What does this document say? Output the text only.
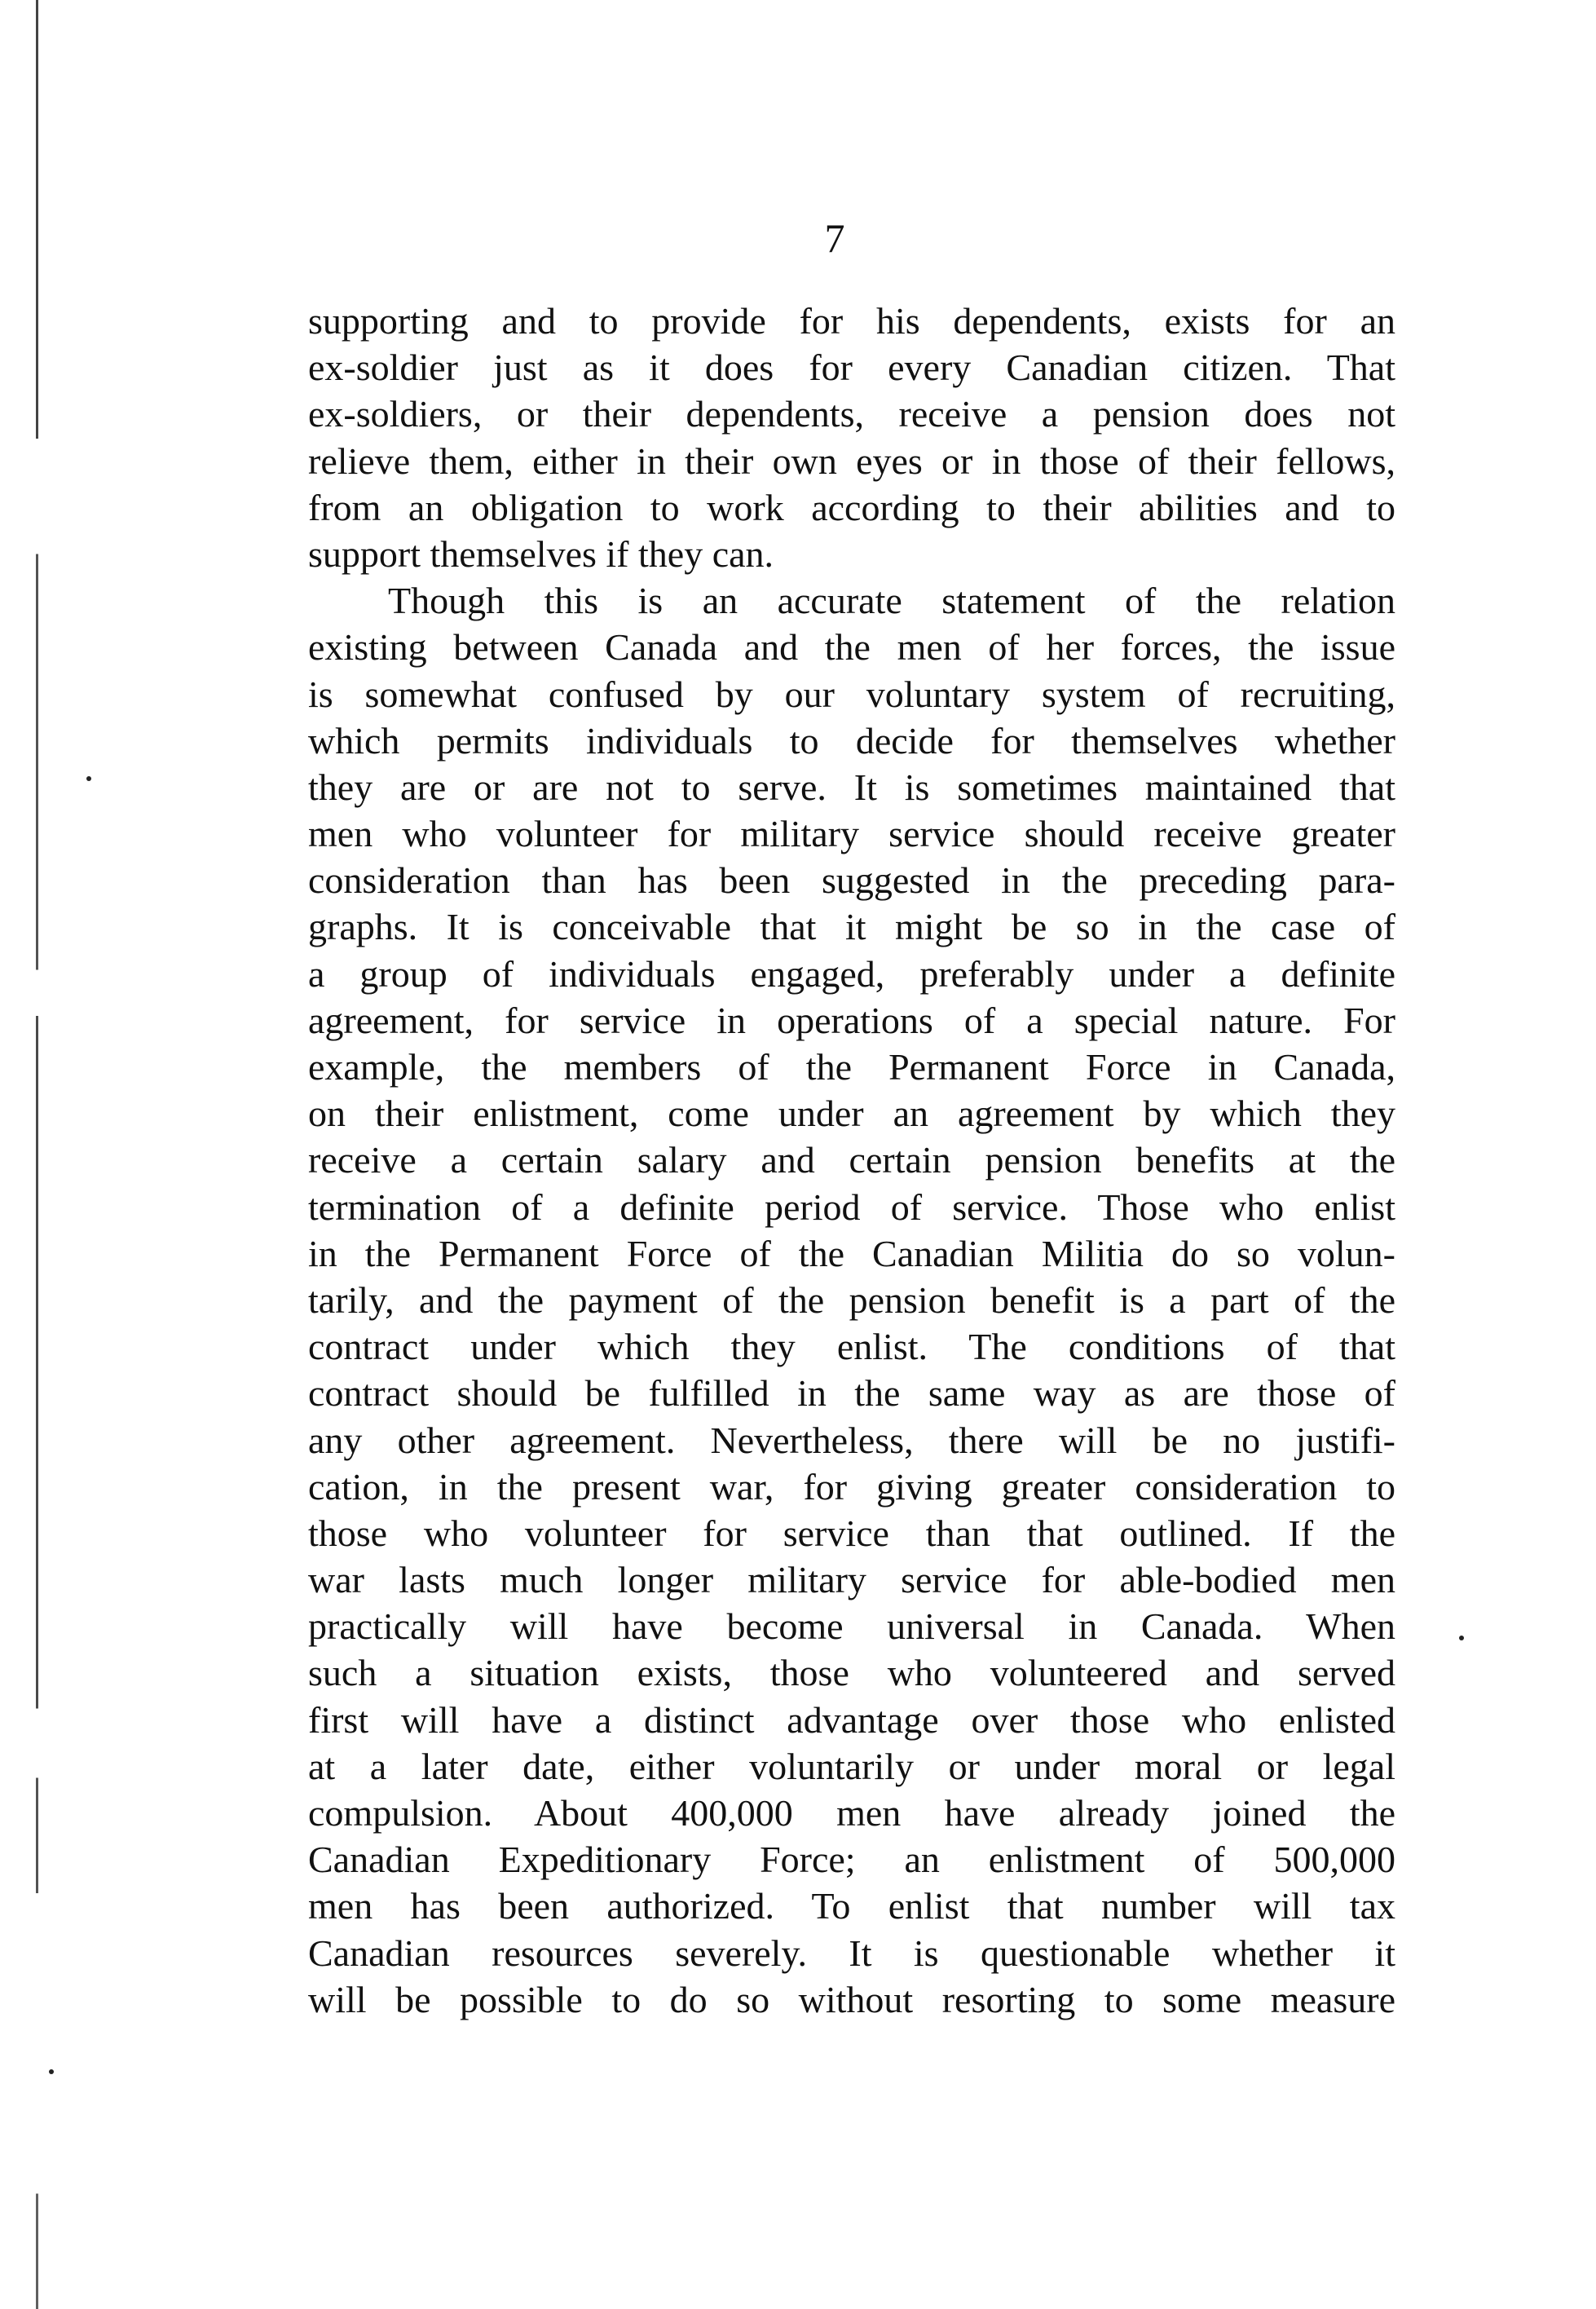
7
supporting and to provide for his dependents, exists for an
ex-soldier just as it does for every Canadian citizen. That
ex-soldiers, or their dependents, receive a pension does not
relieve them, either in their own eyes or in those of their fellows,
from an obligation to work according to their abilities and to
support themselves if they can.
Though this is an accurate statement of the relation
existing between Canada and the men of her forces, the issue
is somewhat confused by our voluntary system of recruiting,
which permits individuals to decide for themselves whether
they are or are not to serve. It is sometimes maintained that
men who volunteer for military service should receive greater
consideration than has been suggested in the preceding para-
graphs. It is conceivable that it might be so in the case of
a group of individuals engaged, preferably under a definite
agreement, for service in operations of a special nature. For
example, the members of the Permanent Force in Canada,
on their enlistment, come under an agreement by which they
receive a certain salary and certain pension benefits at the
termination of a definite period of service. Those who enlist
in the Permanent Force of the Canadian Militia do so volun-
tarily, and the payment of the pension benefit is a part of the
contract under which they enlist. The conditions of that
contract should be fulfilled in the same way as are those of
any other agreement. Nevertheless, there will be no justifi-
cation, in the present war, for giving greater consideration to
those who volunteer for service than that outlined. If the
war lasts much longer military service for able-bodied men
practically will have become universal in Canada. When
such a situation exists, those who volunteered and served
first will have a distinct advantage over those who enlisted
at a later date, either voluntarily or under moral or legal
compulsion. About 400,000 men have already joined the
Canadian Expeditionary Force; an enlistment of 500,000
men has been authorized. To enlist that number will tax
Canadian resources severely. It is questionable whether it
will be possible to do so without resorting to some measure
